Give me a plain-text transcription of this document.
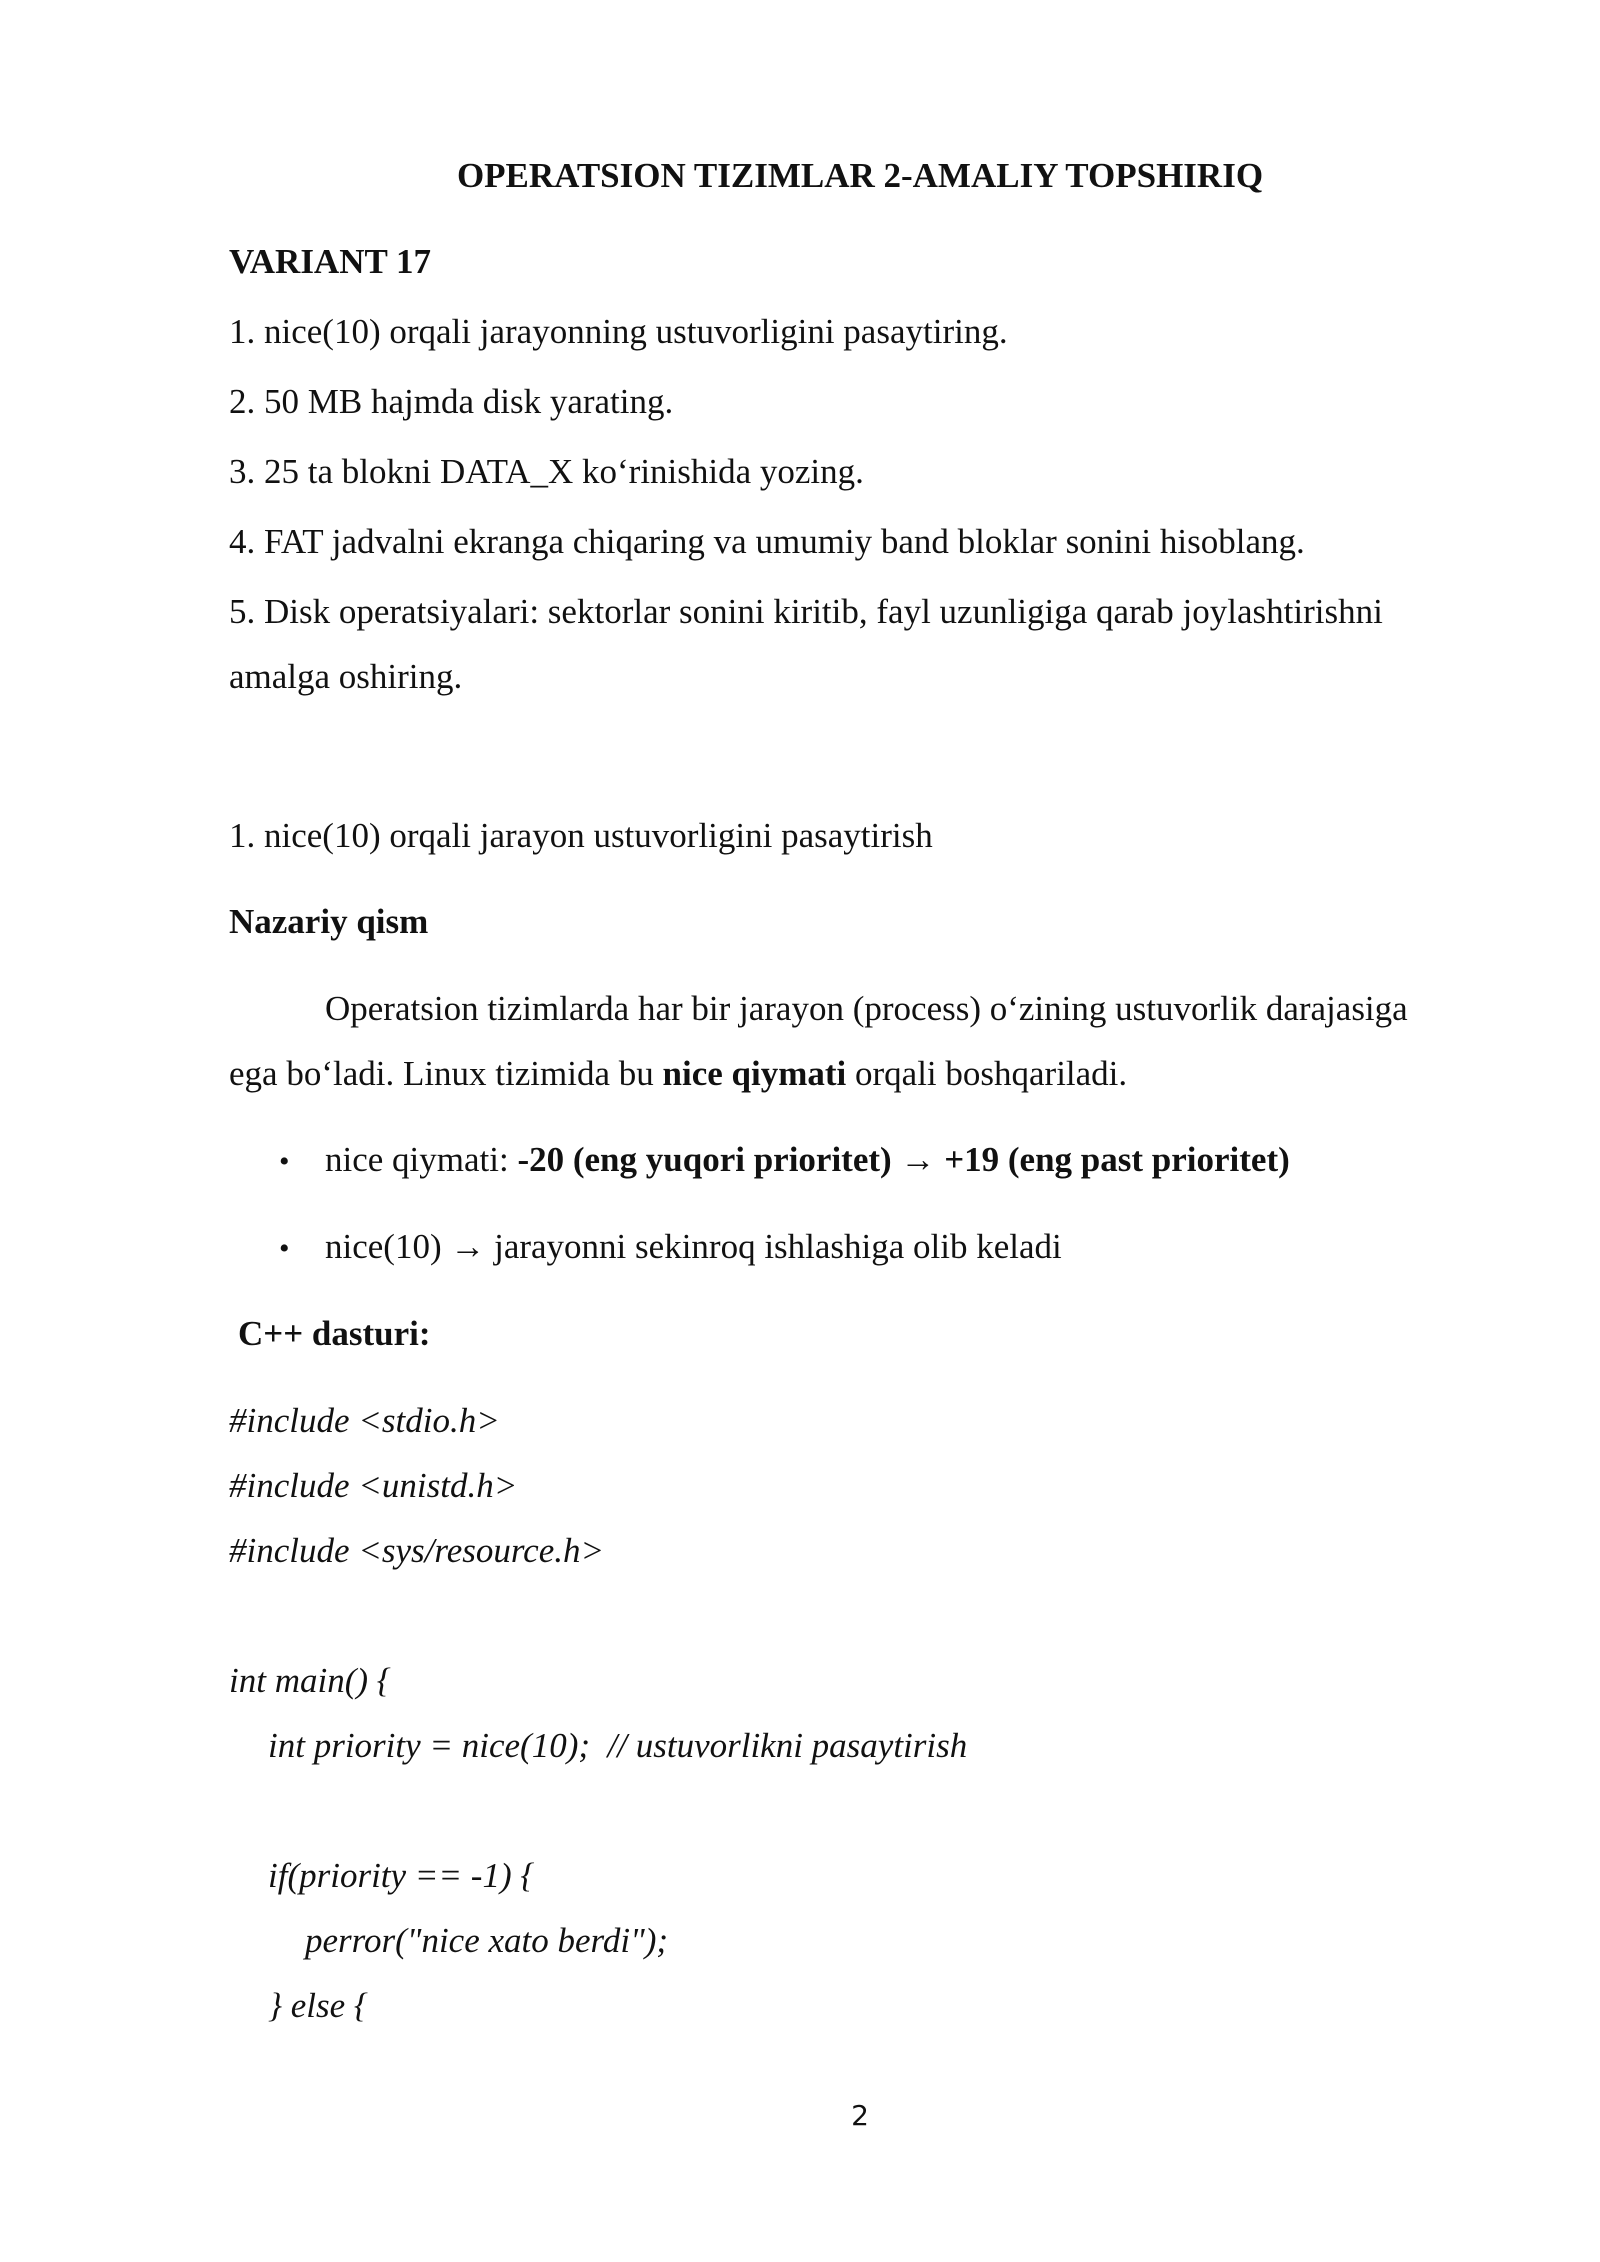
OPERATSION TIZIMLAR 2-AMALIY TOPSHIRIQ
VARIANT 17
1. nice(10) orqali jarayonning ustuvorligini pasaytiring.
2. 50 MB hajmda disk yarating.
3. 25 ta blokni DATA_X ko‘rinishida yozing.
4. FAT jadvalni ekranga chiqaring va umumiy band bloklar sonini hisoblang.
5. Disk operatsiyalari: sektorlar sonini kiritib, fayl uzunligiga qarab joylashtirishni
amalga oshiring.
1. nice(10) orqali jarayon ustuvorligini pasaytirish
Nazariy qism
Operatsion tizimlarda har bir jarayon (process) o‘zining ustuvorlik darajasiga
ega bo‘ladi. Linux tizimida bu nice qiymati orqali boshqariladi.
• nice qiymati: -20 (eng yuqori prioritet) → +19 (eng past prioritet)
• nice(10) → jarayonni sekinroq ishlashiga olib keladi
C++ dasturi:
#include <stdio.h>
#include <unistd.h>
#include <sys/resource.h>
int main() {
int priority = nice(10);  // ustuvorlikni pasaytirish
if(priority == -1) {
perror("nice xato berdi");
} else {
2
